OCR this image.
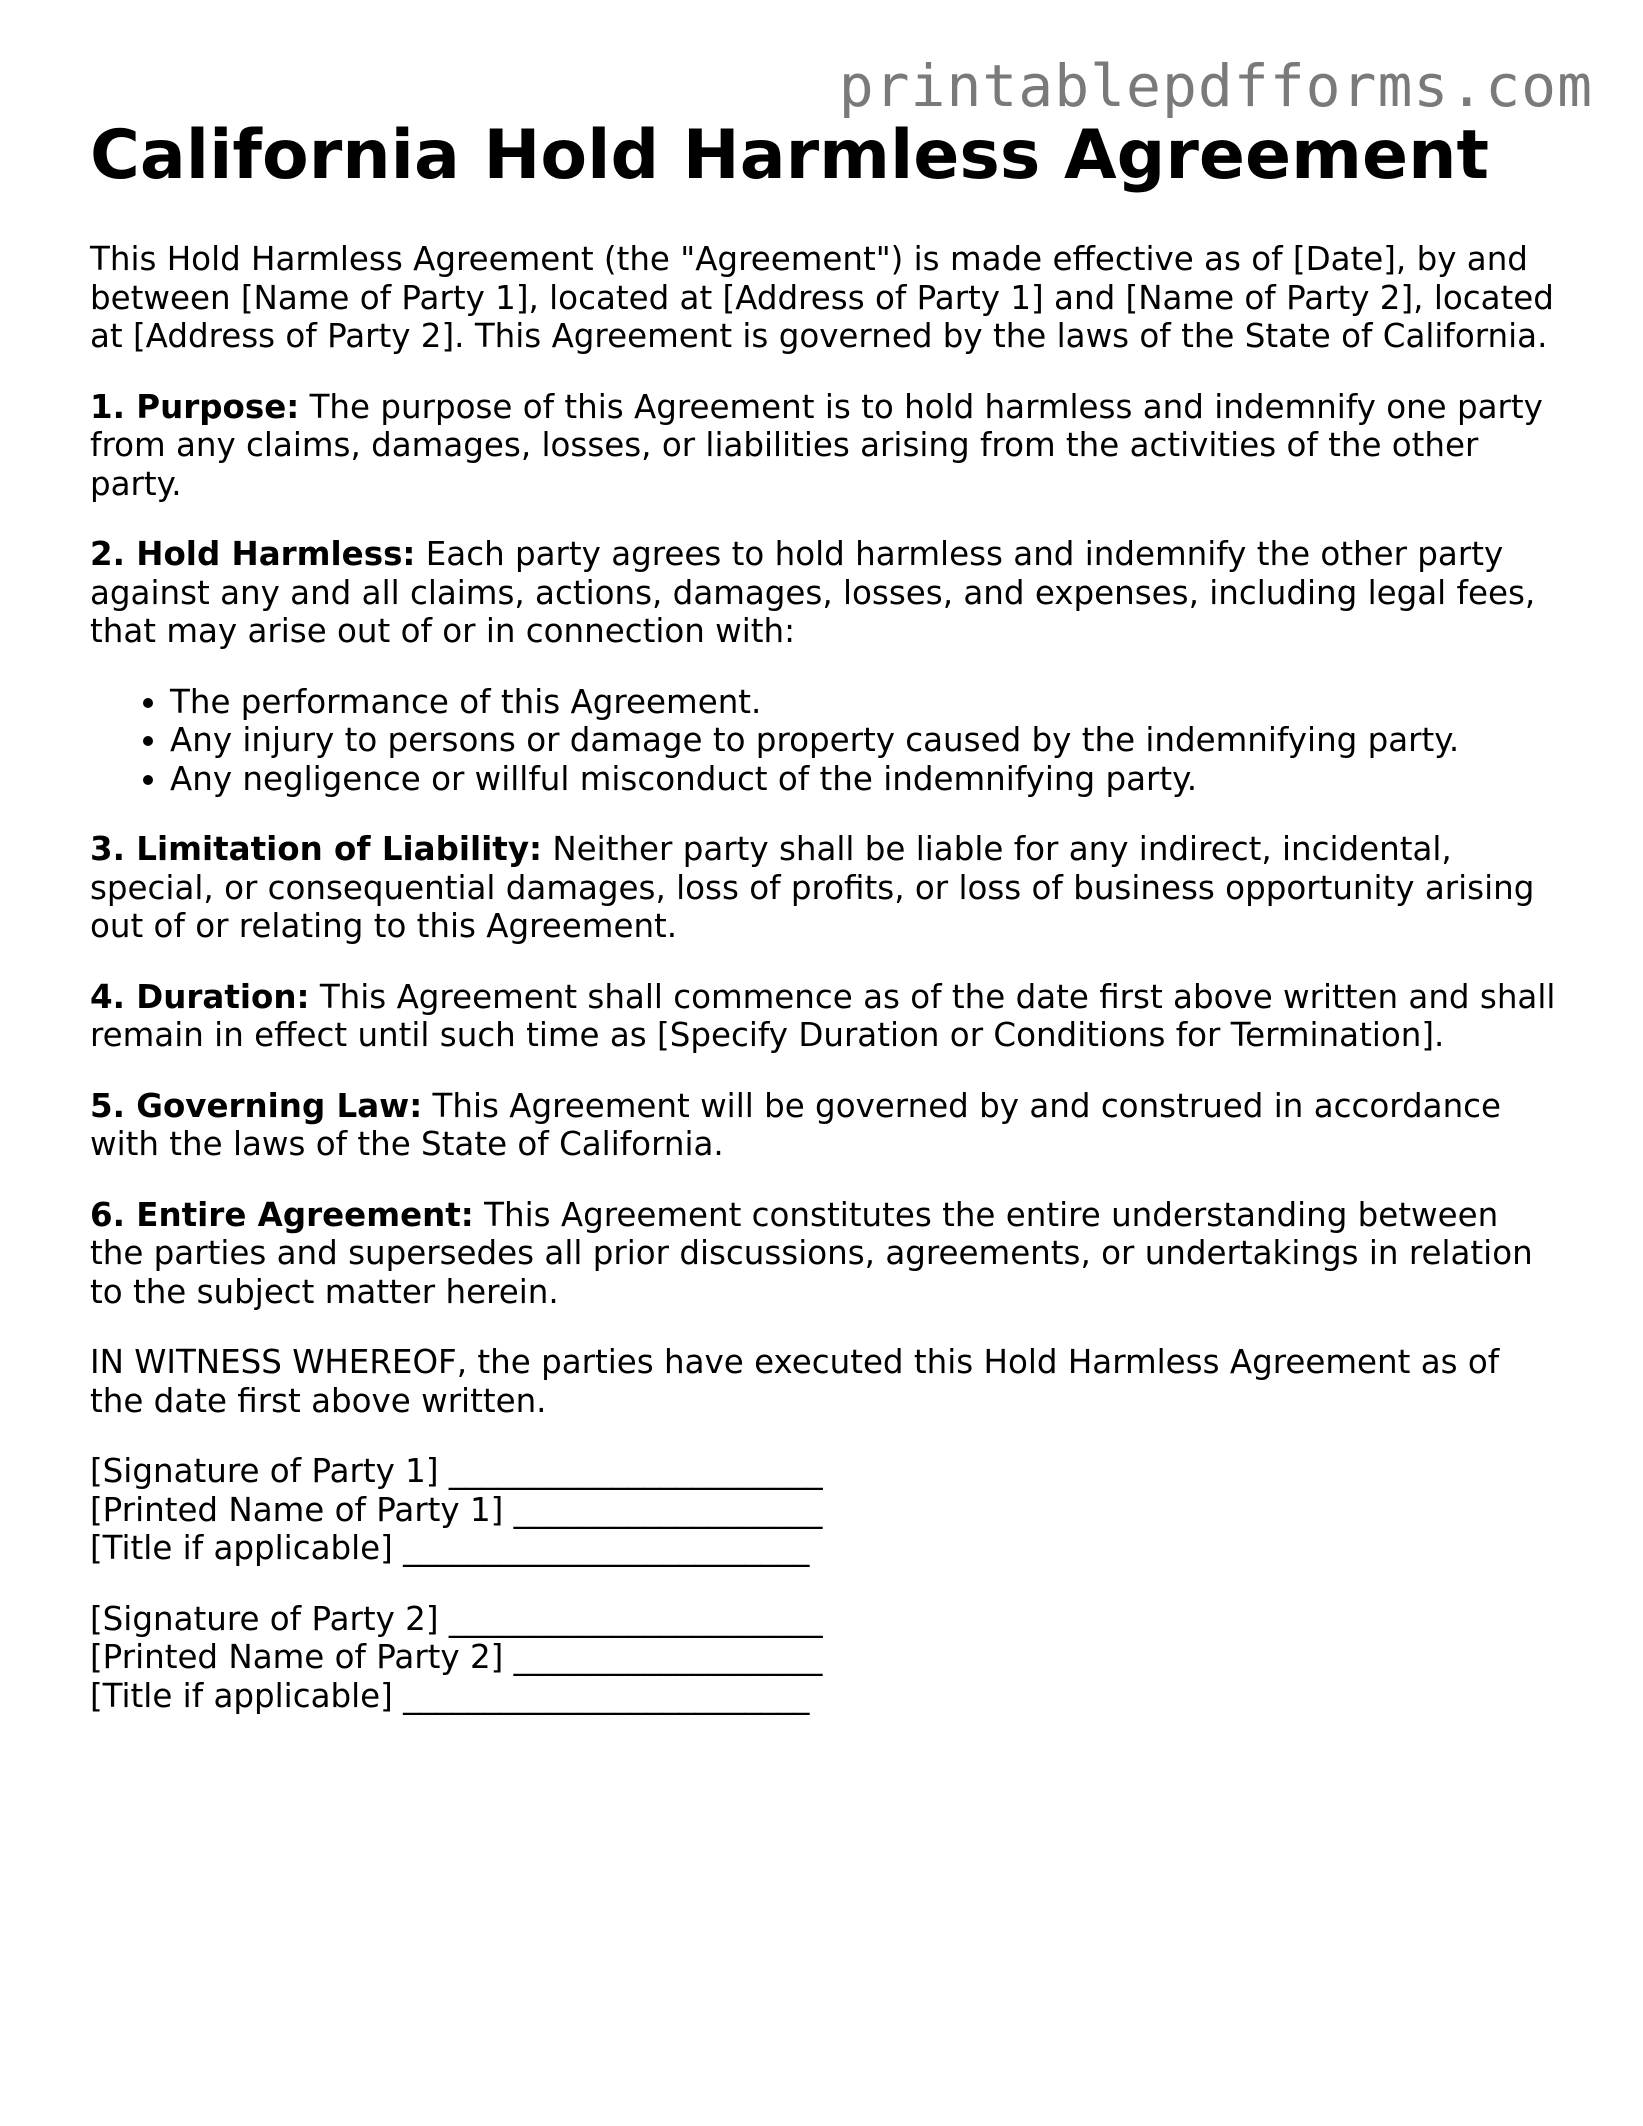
printablepdfforms.com
California Hold Harmless Agreement

This Hold Harmless Agreement (the "Agreement") is made effective as of [Date], by and between [Name of Party 1], located at [Address of Party 1] and [Name of Party 2], located at [Address of Party 2]. This Agreement is governed by the laws of the State of California.

1. Purpose: The purpose of this Agreement is to hold harmless and indemnify one party from any claims, damages, losses, or liabilities arising from the activities of the other party.

2. Hold Harmless: Each party agrees to hold harmless and indemnify the other party against any and all claims, actions, damages, losses, and expenses, including legal fees, that may arise out of or in connection with:

• The performance of this Agreement.
• Any injury to persons or damage to property caused by the indemnifying party.
• Any negligence or willful misconduct of the indemnifying party.

3. Limitation of Liability: Neither party shall be liable for any indirect, incidental, special, or consequential damages, loss of profits, or loss of business opportunity arising out of or relating to this Agreement.

4. Duration: This Agreement shall commence as of the date first above written and shall remain in effect until such time as [Specify Duration or Conditions for Termination].

5. Governing Law: This Agreement will be governed by and construed in accordance with the laws of the State of California.

6. Entire Agreement: This Agreement constitutes the entire understanding between the parties and supersedes all prior discussions, agreements, or undertakings in relation to the subject matter herein.

IN WITNESS WHEREOF, the parties have executed this Hold Harmless Agreement as of the date first above written.

[Signature of Party 1] _______________________
[Printed Name of Party 1] ___________________
[Title if applicable] _________________________
[Signature of Party 2] _______________________
[Printed Name of Party 2] ___________________
[Title if applicable] _________________________
